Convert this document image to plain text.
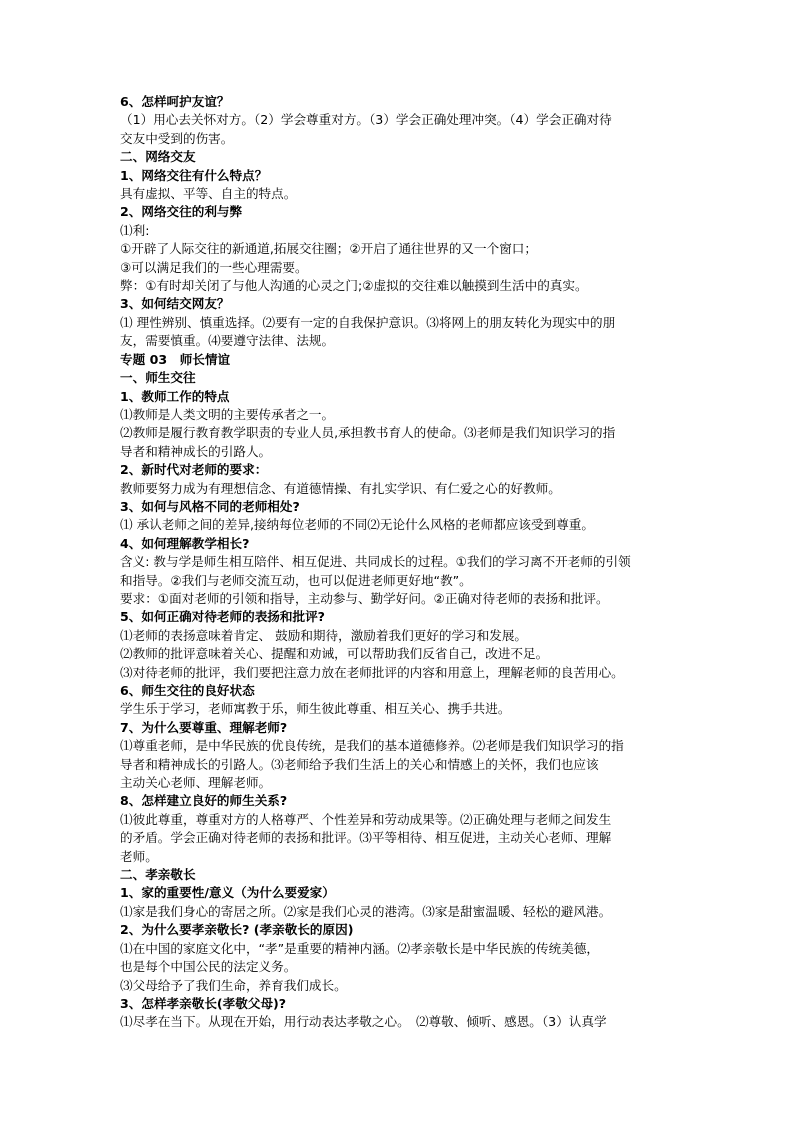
6、怎样呵护友谊？
（1）用心去关怀对方。（2）学会尊重对方。（3）学会正确处理冲突。（4）学会正确对待
交友中受到的伤害。
二、网络交友
1、网络交往有什么特点？
具有虚拟、平等、自主的特点。
2、网络交往的利与弊
⑴利:
①开辟了人际交往的新通道,拓展交往圈；②开启了通往世界的又一个窗口；
③可以满足我们的一些心理需要。
弊：①有时却关闭了与他人沟通的心灵之门;②虚拟的交往难以触摸到生活中的真实。
3、如何结交网友？
⑴ 理性辨别、慎重选择。⑵要有一定的自我保护意识。⑶将网上的朋友转化为现实中的朋
友，需要慎重。⑷要遵守法律、法规。
专题 03　师长情谊
一、师生交往
1、教师工作的特点
⑴教师是人类文明的主要传承者之一。
⑵教师是履行教育教学职责的专业人员,承担教书育人的使命。⑶老师是我们知识学习的指
导者和精神成长的引路人。
2、新时代对老师的要求：
教师要努力成为有理想信念、有道德情操、有扎实学识、有仁爱之心的好教师。
3、如何与风格不同的老师相处?
⑴ 承认老师之间的差异,接纳每位老师的不同⑵无论什么风格的老师都应该受到尊重。
4、如何理解教学相长?
含义: 教与学是师生相互陪伴、相互促进、共同成长的过程。①我们的学习离不开老师的引领
和指导。②我们与老师交流互动，也可以促进老师更好地“教”。
要求：①面对老师的引领和指导，主动参与、勤学好问。②正确对待老师的表扬和批评。
5、如何正确对待老师的表扬和批评?
⑴老师的表扬意味着肯定、 鼓励和期待，激励着我们更好的学习和发展。
⑵教师的批评意味着关心、提醒和劝诫，可以帮助我们反省自己，改进不足。
⑶对待老师的批评，我们要把注意力放在老师批评的内容和用意上，理解老师的良苦用心。
6、师生交往的良好状态
学生乐于学习，老师寓教于乐，师生彼此尊重、相互关心、携手共进。
7、为什么要尊重、理解老师?
⑴尊重老师，是中华民族的优良传统，是我们的基本道德修养。⑵老师是我们知识学习的指
导者和精神成长的引路人。⑶老师给予我们生活上的关心和情感上的关怀，我们也应该
主动关心老师、理解老师。
8、怎样建立良好的师生关系?
⑴彼此尊重，尊重对方的人格尊严、个性差异和劳动成果等。⑵正确处理与老师之间发生
的矛盾。学会正确对待老师的表扬和批评。⑶平等相待、相互促进，主动关心老师、理解
老师。
二、孝亲敬长
1、家的重要性/意义（为什么要爱家）
⑴家是我们身心的寄居之所。⑵家是我们心灵的港湾。⑶家是甜蜜温暖、轻松的避风港。
2、为什么要孝亲敬长? (孝亲敬长的原因)
⑴在中国的家庭文化中，“孝”是重要的精神内涵。⑵孝亲敬长是中华民族的传统美德，
也是每个中国公民的法定义务。
⑶父母给予了我们生命，养育我们成长。
3、怎样孝亲敬长(孝敬父母)?
⑴尽孝在当下。从现在开始，用行动表达孝敬之心。　⑵尊敬、倾听、感恩。（3）认真学
